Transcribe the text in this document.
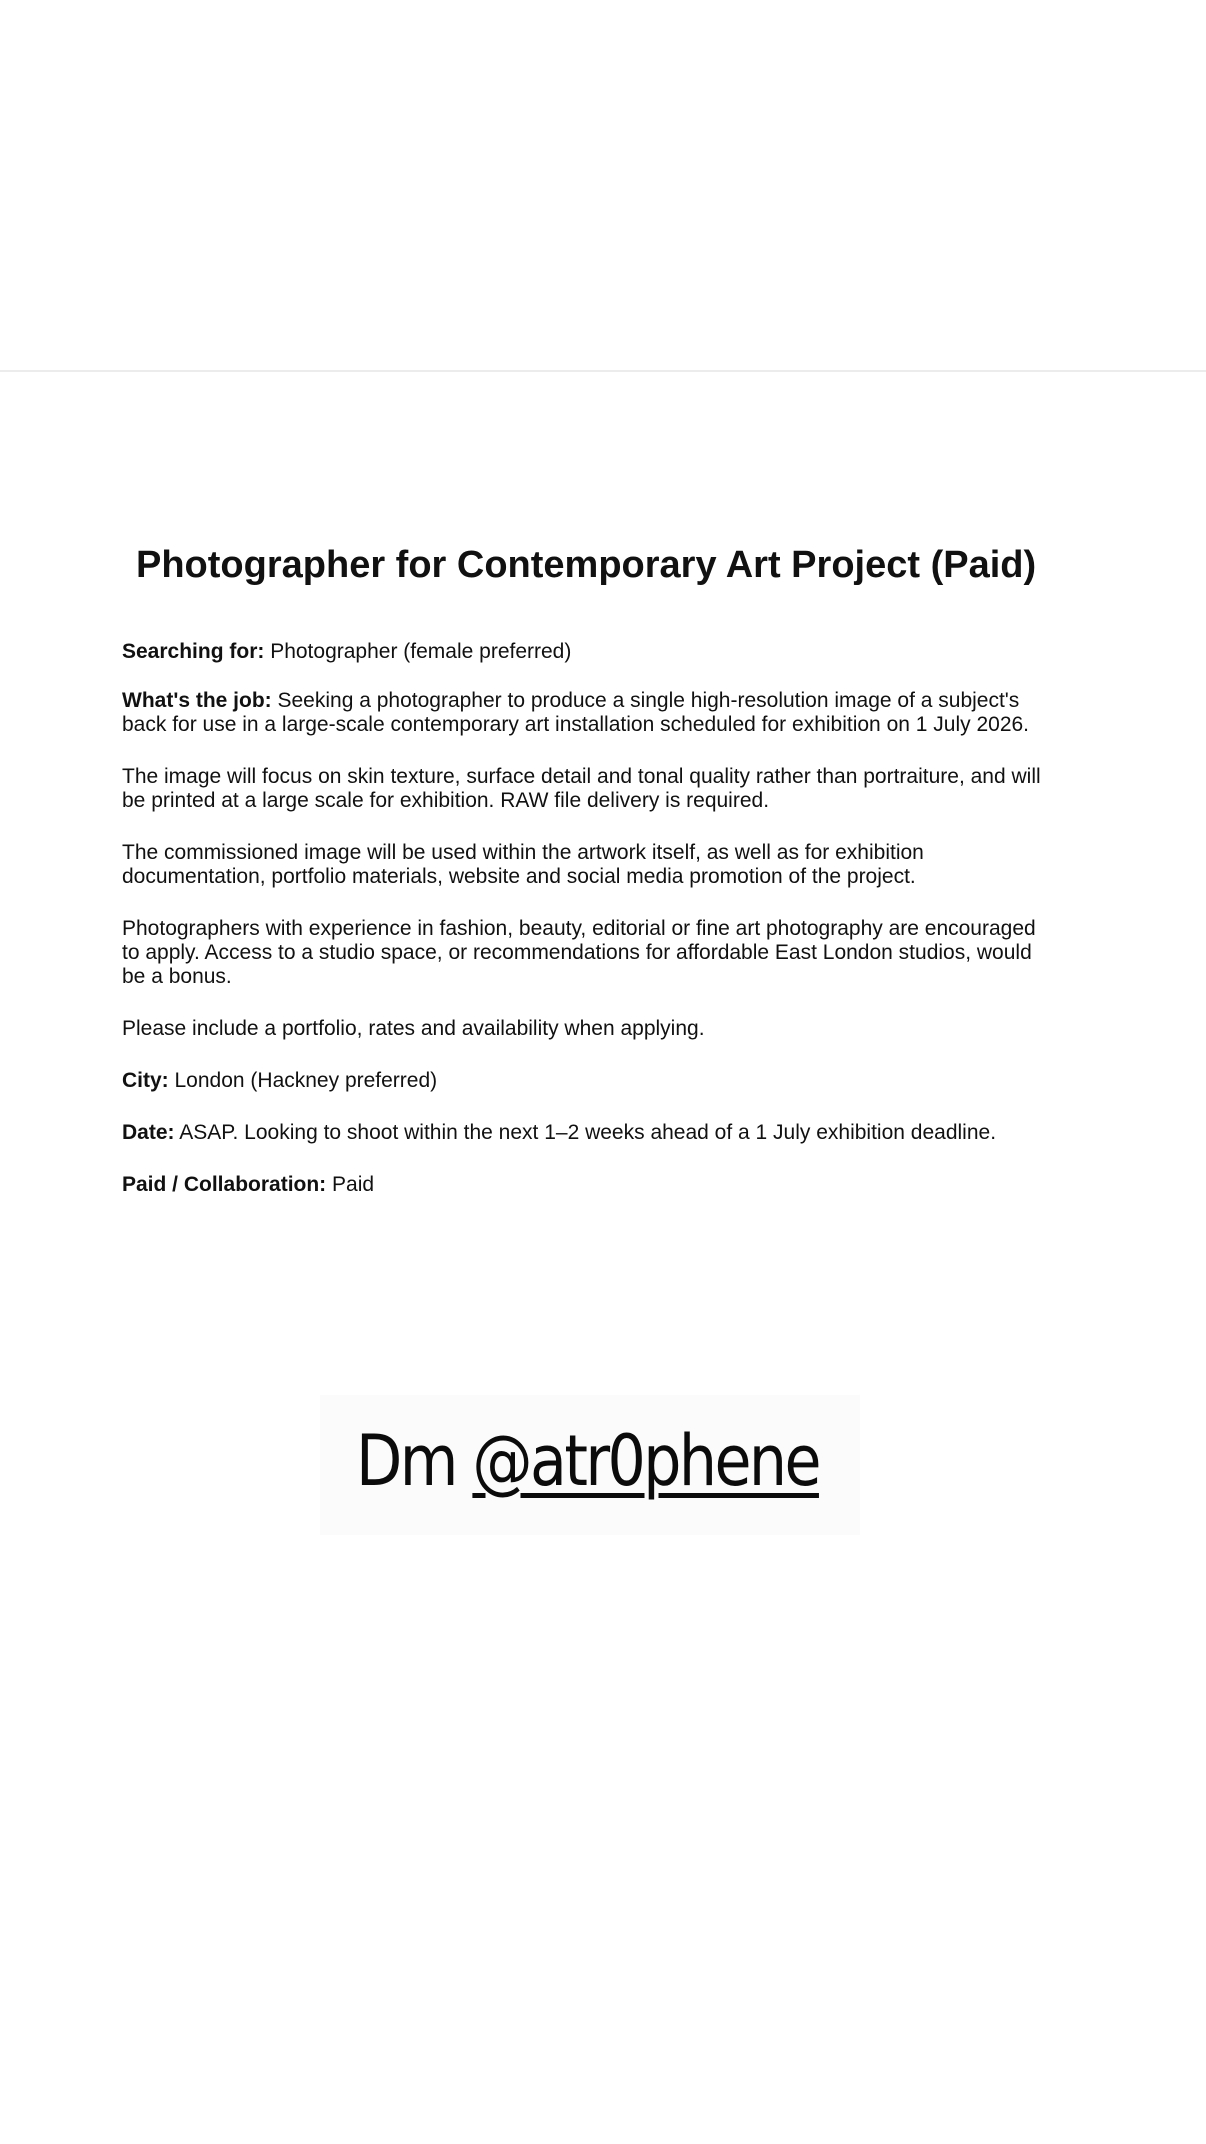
Photographer for Contemporary Art Project (Paid)

Searching for: Photographer (female preferred)

What's the job: Seeking a photographer to produce a single high-resolution image of a subject's back for use in a large-scale contemporary art installation scheduled for exhibition on 1 July 2026.

The image will focus on skin texture, surface detail and tonal quality rather than portraiture, and will be printed at a large scale for exhibition. RAW file delivery is required.

The commissioned image will be used within the artwork itself, as well as for exhibition documentation, portfolio materials, website and social media promotion of the project.

Photographers with experience in fashion, beauty, editorial or fine art photography are encouraged to apply. Access to a studio space, or recommendations for affordable East London studios, would be a bonus.

Please include a portfolio, rates and availability when applying.

City: London (Hackney preferred)

Date: ASAP. Looking to shoot within the next 1–2 weeks ahead of a 1 July exhibition deadline.

Paid / Collaboration: Paid

Dm @atr0phene
